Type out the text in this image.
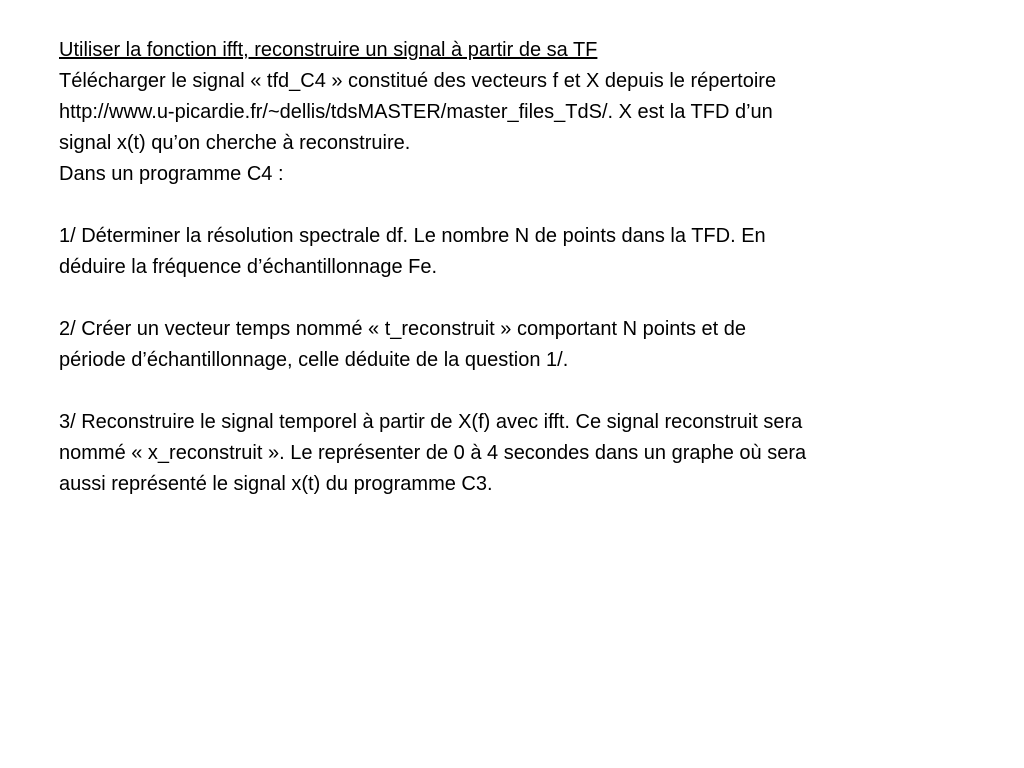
Utiliser la fonction ifft, reconstruire un signal à partir de sa TF
Télécharger le signal « tfd_C4 » constitué des vecteurs f et X depuis le répertoire
http://www.u-picardie.fr/~dellis/tdsMASTER/master_files_TdS/. X est la TFD d’un
signal x(t) qu’on cherche à reconstruire.
Dans un programme C4 :
1/ Déterminer la résolution spectrale df. Le nombre N de points dans la TFD. En
déduire la fréquence d’échantillonnage Fe.
2/ Créer un vecteur temps nommé « t_reconstruit » comportant N points et de
période d’échantillonnage, celle déduite de la question 1/.
3/ Reconstruire le signal temporel à partir de X(f) avec ifft. Ce signal reconstruit sera
nommé « x_reconstruit ». Le représenter de 0 à 4 secondes dans un graphe où sera
aussi représenté le signal x(t) du programme C3.
